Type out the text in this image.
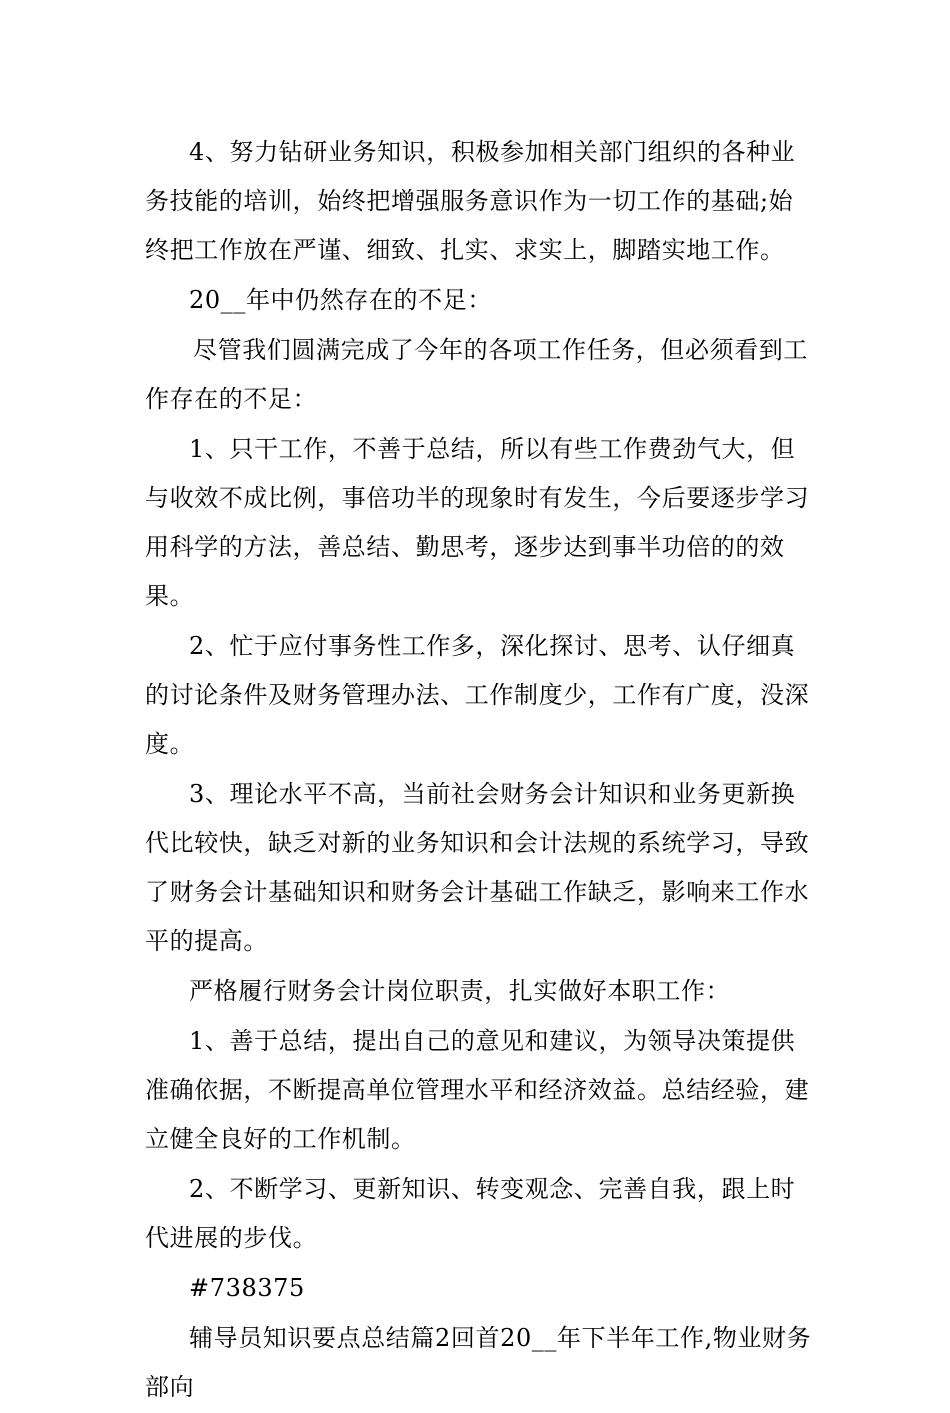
4、努力钻研业务知识，积极参加相关部门组织的各种业务技能的培训，始终把增强服务意识作为一切工作的基础;始终把工作放在严谨、细致、扎实、求实上，脚踏实地工作。

20__年中仍然存在的不足：

尽管我们圆满完成了今年的各项工作任务，但必须看到工作存在的不足：

1、只干工作，不善于总结，所以有些工作费劲气大，但与收效不成比例，事倍功半的现象时有发生，今后要逐步学习用科学的方法，善总结、勤思考，逐步达到事半功倍的的效果。

2、忙于应付事务性工作多，深化探讨、思考、认仔细真的讨论条件及财务管理办法、工作制度少，工作有广度，没深度。

3、理论水平不高，当前社会财务会计知识和业务更新换代比较快，缺乏对新的业务知识和会计法规的系统学习，导致了财务会计基础知识和财务会计基础工作缺乏，影响来工作水平的提高。

严格履行财务会计岗位职责，扎实做好本职工作：

1、善于总结，提出自己的意见和建议，为领导决策提供准确依据，不断提高单位管理水平和经济效益。总结经验，建立健全良好的工作机制。

2、不断学习、更新知识、转变观念、完善自我，跟上时代进展的步伐。

#738375

辅导员知识要点总结篇2回首20__年下半年工作,物业财务部向
